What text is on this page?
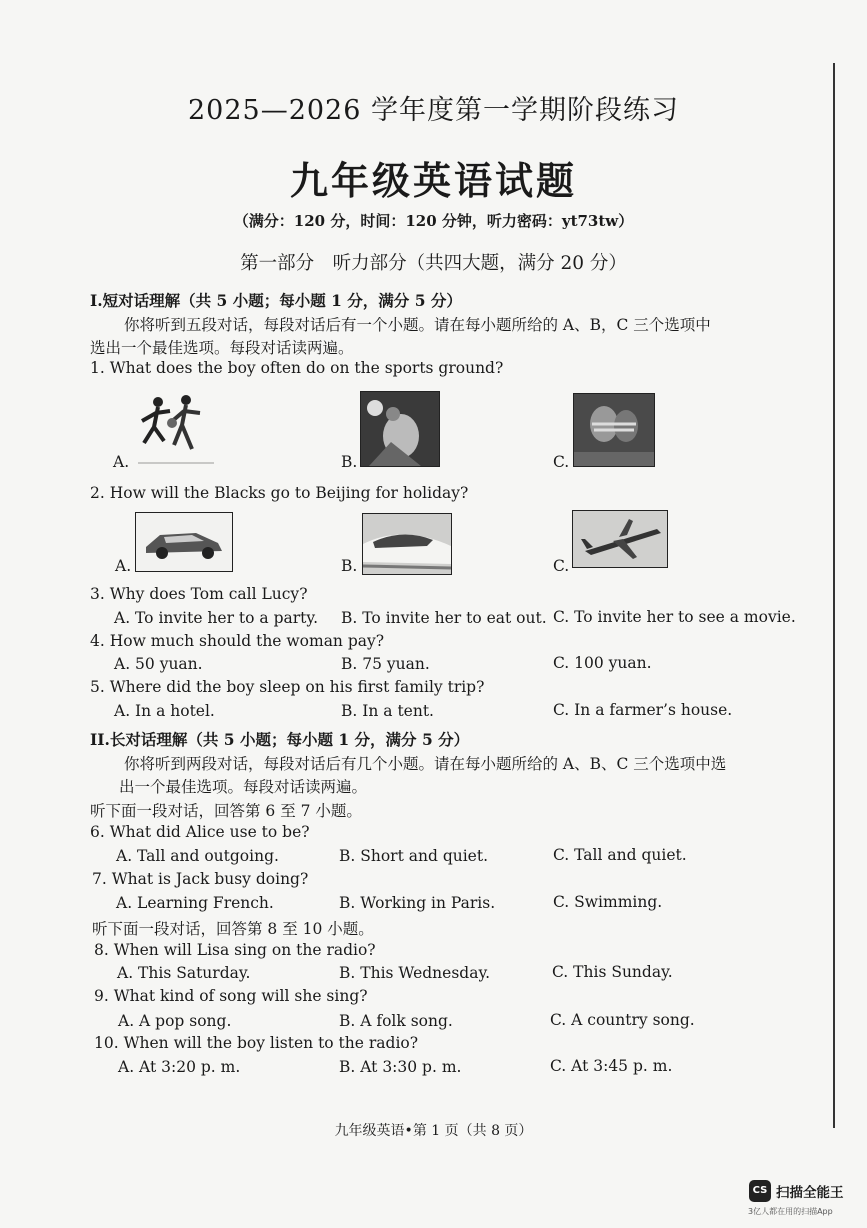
2025—2026 学年度第一学期阶段练习
九年级英语试题
（满分：120 分，时间：120 分钟，听力密码：yt73tw）
第一部分　听力部分（共四大题，满分 20 分）
I.短对话理解（共 5 小题；每小题 1 分，满分 5 分）
你将听到五段对话，每段对话后有一个小题。请在每小题所给的 A、B，C 三个选项中
选出一个最佳选项。每段对话读两遍。
1. What does the boy often do on the sports ground?
A.	B.	C.
2. How will the Blacks go to Beijing for holiday?
A.	B.	C.
3. Why does Tom call Lucy?
A. To invite her to a party. B. To invite her to eat out. C. To invite her to see a movie.
4. How much should the woman pay?
A. 50 yuan.	B. 75 yuan.	C. 100 yuan.
5. Where did the boy sleep on his first family trip?
A. In a hotel.	B. In a tent.	C. In a farmer’s house.
II.长对话理解（共 5 小题；每小题 1 分，满分 5 分）
你将听到两段对话，每段对话后有几个小题。请在每小题所给的 A、B、C 三个选项中选
出一个最佳选项。每段对话读两遍。
听下面一段对话，回答第 6 至 7 小题。
6. What did Alice use to be?
A. Tall and outgoing.	B. Short and quiet.	C. Tall and quiet.
7. What is Jack busy doing?
A. Learning French.	B. Working in Paris.	C. Swimming.
听下面一段对话，回答第 8 至 10 小题。
8. When will Lisa sing on the radio?
A. This Saturday.	B. This Wednesday.	C. This Sunday.
9. What kind of song will she sing?
A. A pop song.	B. A folk song.	C. A country song.
10. When will the boy listen to the radio?
A. At 3:20 p. m.	B. At 3:30 p. m.	C. At 3:45 p. m.
九年级英语•第 1 页（共 8 页）
CS 扫描全能王
3亿人都在用的扫描App
